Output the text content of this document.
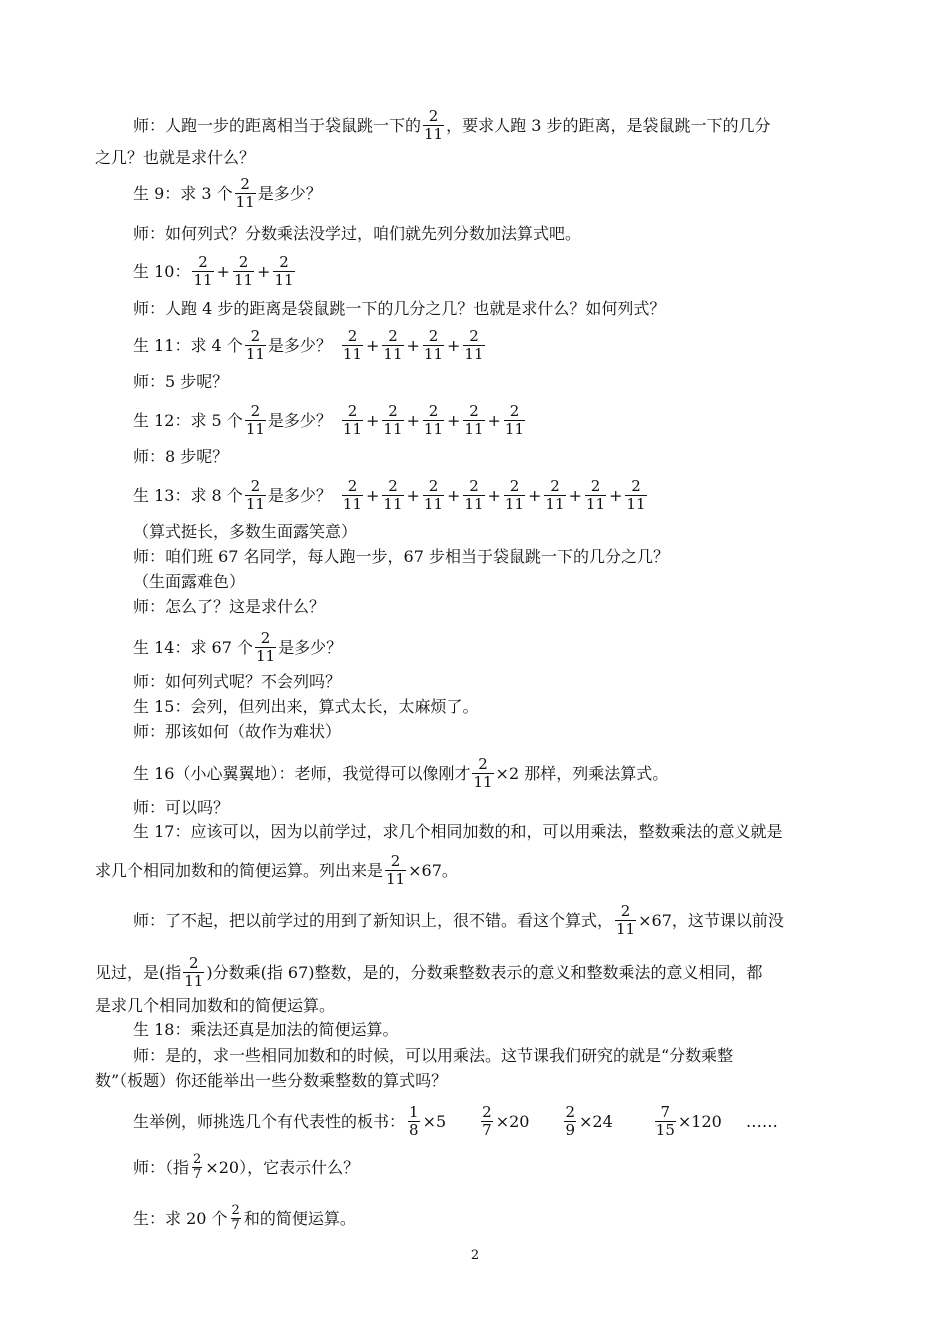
师：人跑一步的距离相当于袋鼠跳一下的 $\frac{2}{11}$ ，要求人跑 3 步的距离，是袋鼠跳一下的几分
之几？也就是求什么？
生 9：求 3 个 $\frac{2}{11}$ 是多少？
师：如何列式？分数乘法没学过，咱们就先列分数加法算式吧。
生 10： $\frac{2}{11} + \frac{2}{11} + \frac{2}{11}$
师：人跑 4 步的距离是袋鼠跳一下的几分之几？也就是求什么？如何列式？
生 11：求 4 个 $\frac{2}{11}$ 是多少？ $\frac{2}{11} + \frac{2}{11} + \frac{2}{11} + \frac{2}{11}$
师：5 步呢？
生 12：求 5 个 $\frac{2}{11}$ 是多少？ $\frac{2}{11} + \frac{2}{11} + \frac{2}{11} + \frac{2}{11} + \frac{2}{11}$
师：8 步呢？
生 13：求 8 个 $\frac{2}{11}$ 是多少？ $\frac{2}{11} + \frac{2}{11} + \frac{2}{11} + \frac{2}{11} + \frac{2}{11} + \frac{2}{11} + \frac{2}{11} + \frac{2}{11}$
（算式挺长，多数生面露笑意）
师：咱们班 67 名同学，每人跑一步，67 步相当于袋鼠跳一下的几分之几？
（生面露难色）
师：怎么了？这是求什么？
生 14：求 67 个 $\frac{2}{11}$ 是多少？
师：如何列式呢？不会列吗？
生 15：会列，但列出来，算式太长，太麻烦了。
师：那该如何（故作为难状）
生 16（小心翼翼地）：老师，我觉得可以像刚才 $\frac{2}{11} \times 2$ 那样，列乘法算式。
师：可以吗？
生 17：应该可以，因为以前学过，求几个相同加数的和，可以用乘法，整数乘法的意义就是
求几个相同加数和的简便运算。列出来是 $\frac{2}{11} \times 67$。
师：了不起，把以前学过的用到了新知识上，很不错。看这个算式， $\frac{2}{11} \times 67$，这节课以前没
见过，是(指 $\frac{2}{11}$ )分数乘(指 67)整数，是的，分数乘整数表示的意义和整数乘法的意义相同，都
是求几个相同加数和的简便运算。
生 18：乘法还真是加法的简便运算。
师：是的，求一些相同加数和的时候，可以用乘法。这节课我们研究的就是“分数乘整
数”（板题）你还能举出一些分数乘整数的算式吗？
生举例，师挑选几个有代表性的板书： $\frac{1}{8} \times 5 \frac{2}{7} \times 20 \frac{2}{9} \times 24$	$\frac{7}{15} \times 120$ ……
师：（指 $\frac{2}{7} \times 20$），它表示什么？
生：求 20 个 $\frac{2}{7}$ 和的简便运算。
2
